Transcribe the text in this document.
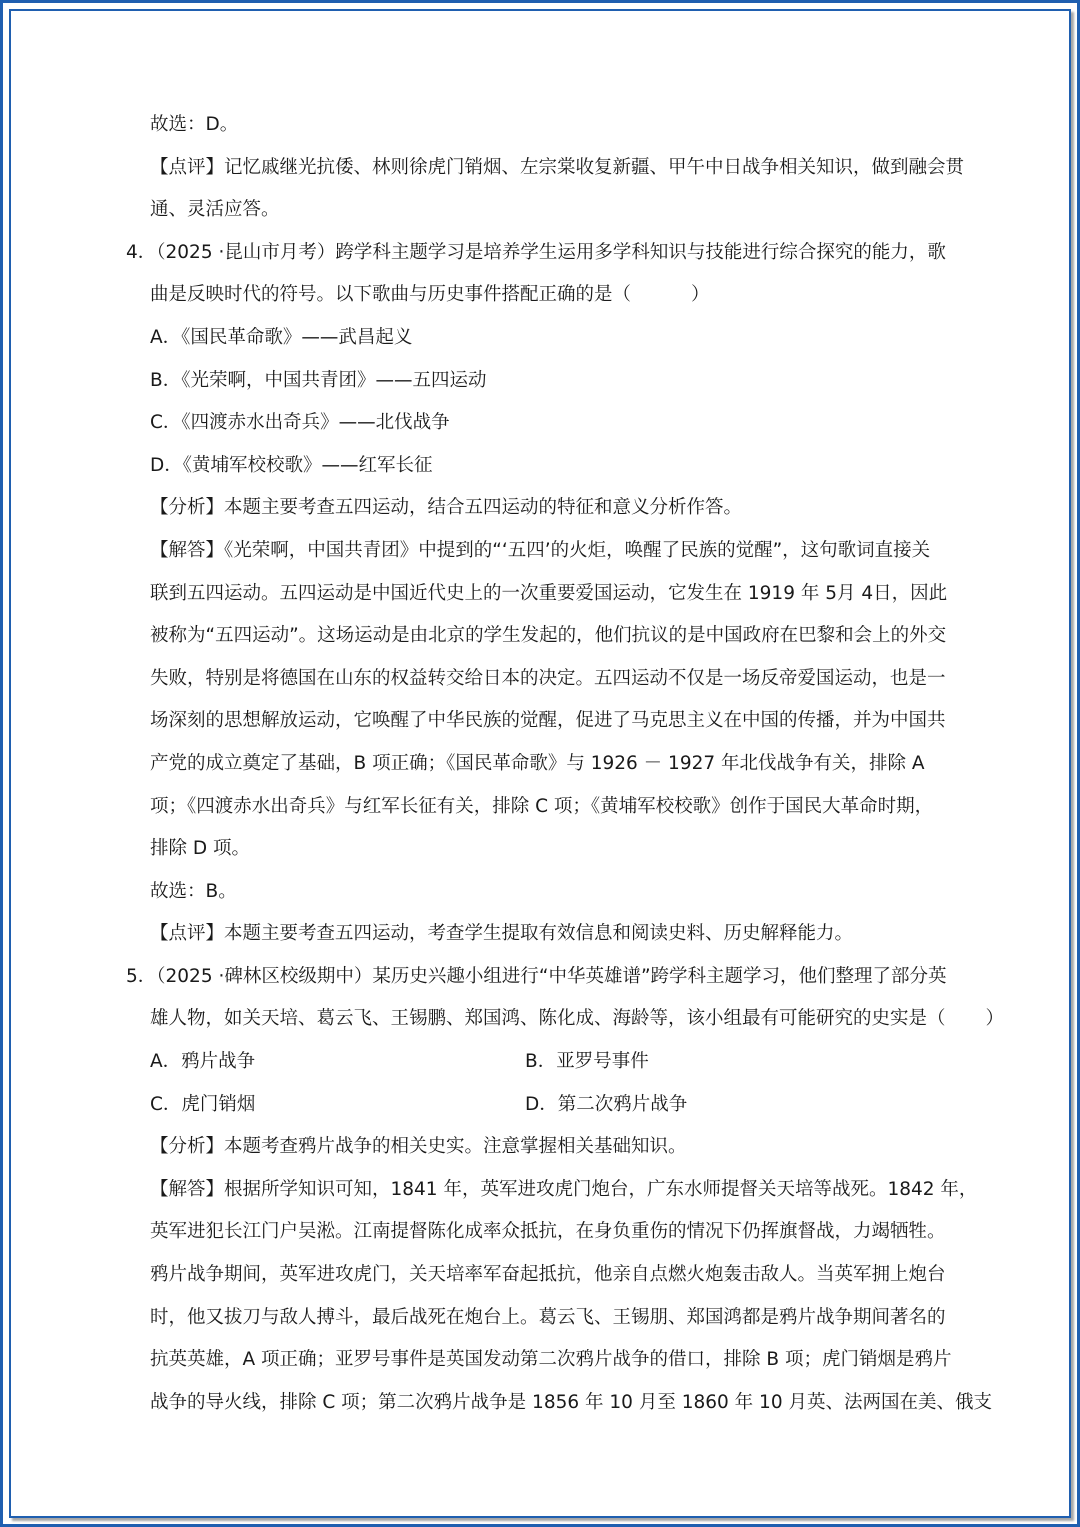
故选：D。
【点评】记忆戚继光抗倭、林则徐虎门销烟、左宗棠收复新疆、甲午中日战争相关知识，做到融会贯
通、灵活应答。
4．（2025 ·昆山市月考）跨学科主题学习是培养学生运用多学科知识与技能进行综合探究的能力，歌
曲是反映时代的符号。以下歌曲与历史事件搭配正确的是（	）
A．《国民革命歌》——武昌起义
B．《光荣啊，中国共青团》——五四运动
C．《四渡赤水出奇兵》——北伐战争
D．《黄埔军校校歌》——红军长征
【分析】本题主要考查五四运动，结合五四运动的特征和意义分析作答。
【解答】《光荣啊，中国共青团》中提到的“‘五四’的火炬，唤醒了民族的觉醒”，这句歌词直接关
联到五四运动。五四运动是中国近代史上的一次重要爱国运动，它发生在 1919 年 5月 4日，因此
被称为“五四运动”。这场运动是由北京的学生发起的，他们抗议的是中国政府在巴黎和会上的外交
失败，特别是将德国在山东的权益转交给日本的决定。五四运动不仅是一场反帝爱国运动，也是一
场深刻的思想解放运动，它唤醒了中华民族的觉醒，促进了马克思主义在中国的传播，并为中国共
产党的成立奠定了基础，B 项正确；《国民革命歌》与 1926 － 1927 年北伐战争有关，排除 A
项；《四渡赤水出奇兵》与红军长征有关，排除 C 项；《黄埔军校校歌》创作于国民大革命时期，
排除 D 项。
故选：B。
【点评】本题主要考查五四运动，考查学生提取有效信息和阅读史料、历史解释能力。
5．（2025 ·碑林区校级期中）某历史兴趣小组进行“中华英雄谱”跨学科主题学习，他们整理了部分英
雄人物，如关天培、葛云飞、王锡鹏、郑国鸿、陈化成、海龄等，该小组最有可能研究的史实是（ ）
A．鸦片战争	B．亚罗号事件
C．虎门销烟	D．第二次鸦片战争
【分析】本题考查鸦片战争的相关史实。注意掌握相关基础知识。
【解答】根据所学知识可知，1841 年，英军进攻虎门炮台，广东水师提督关天培等战死。1842 年，
英军进犯长江门户吴淞。江南提督陈化成率众抵抗，在身负重伤的情况下仍挥旗督战，力竭牺牲。
鸦片战争期间，英军进攻虎门，关天培率军奋起抵抗，他亲自点燃火炮轰击敌人。当英军拥上炮台
时，他又拔刀与敌人搏斗，最后战死在炮台上。葛云飞、王锡朋、郑国鸿都是鸦片战争期间著名的
抗英英雄，A 项正确；亚罗号事件是英国发动第二次鸦片战争的借口，排除 B 项；虎门销烟是鸦片
战争的导火线，排除 C 项；第二次鸦片战争是 1856 年 10 月至 1860 年 10 月英、法两国在美、俄支
